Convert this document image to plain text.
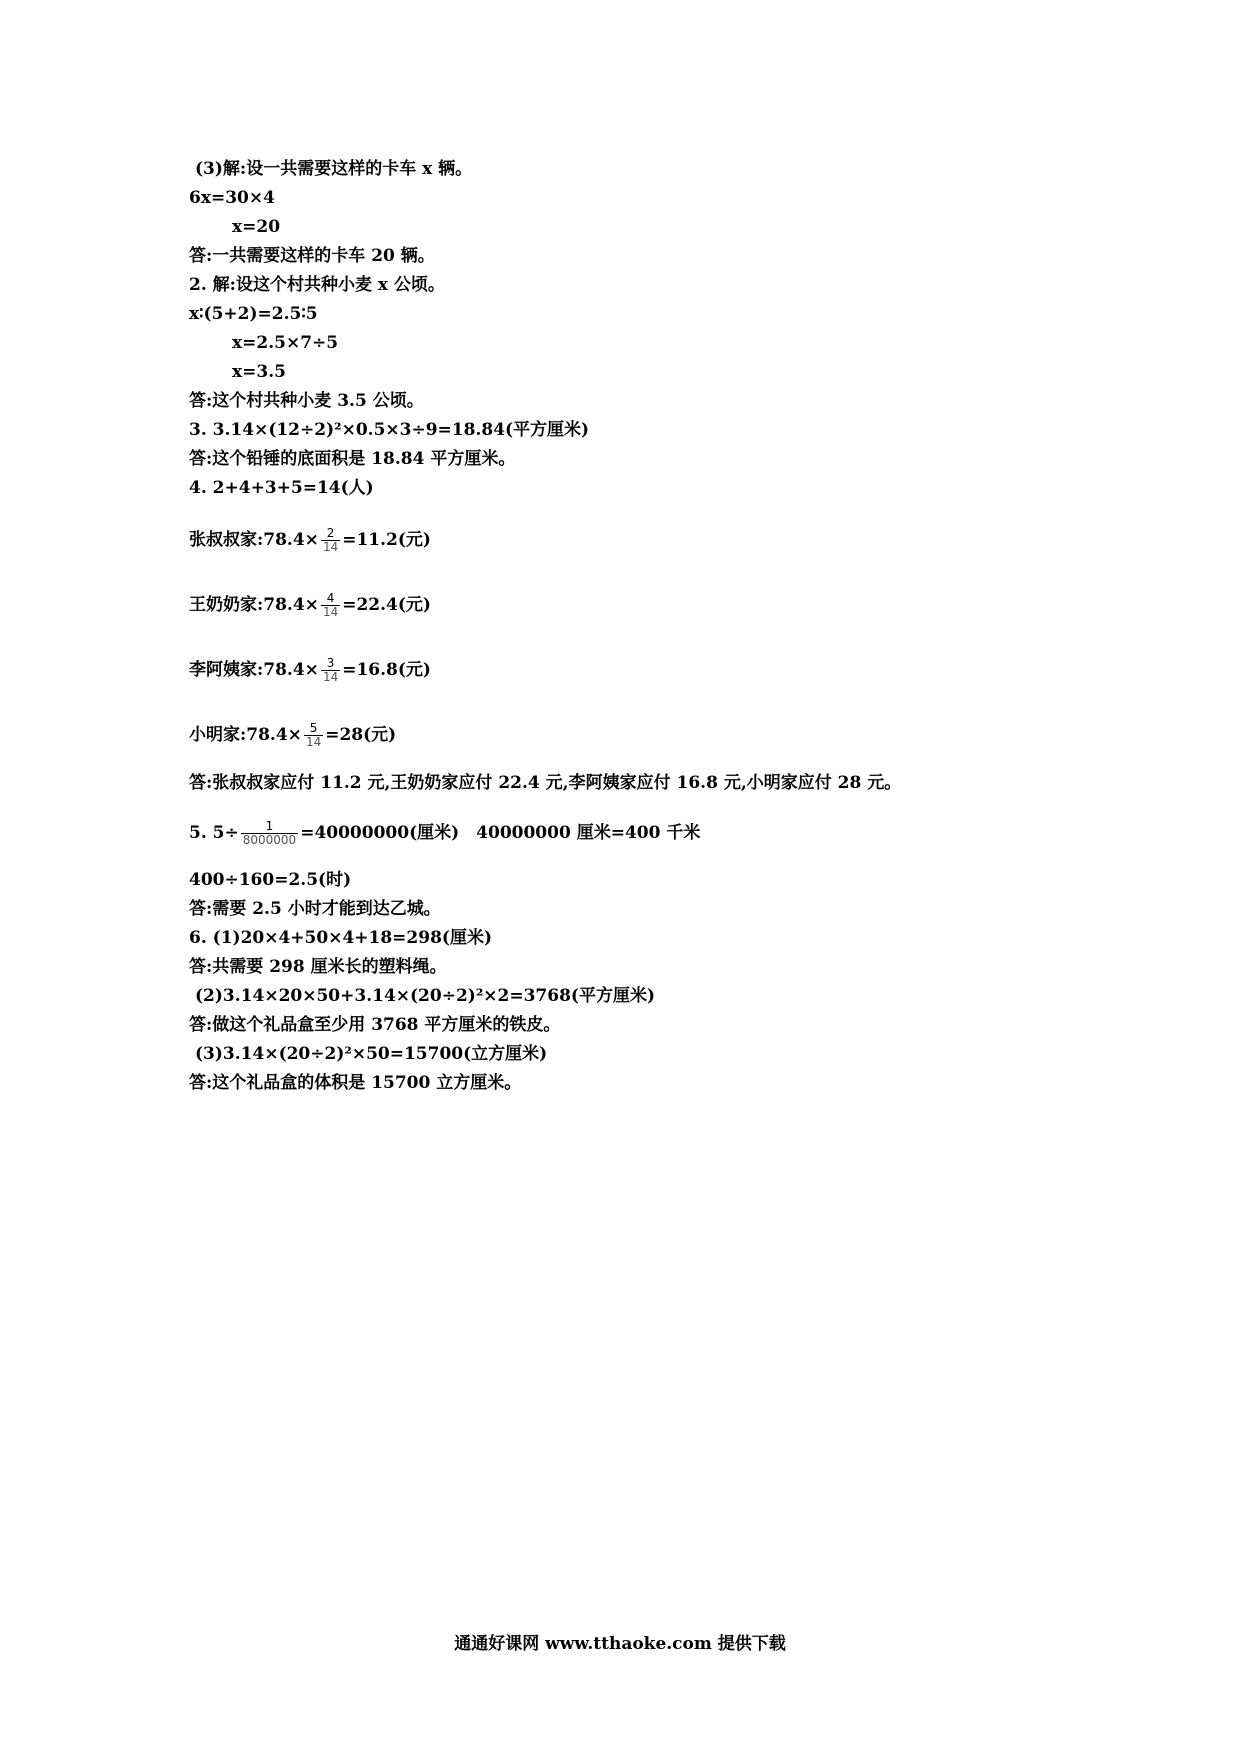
(3)解:设一共需要这样的卡车 x 辆。
6x=30×4
x=20
答:一共需要这样的卡车 20 辆。
2. 解:设这个村共种小麦 x 公顷。
x∶(5+2)=2.5∶5
x=2.5×7÷5
x=3.5
答:这个村共种小麦 3.5 公顷。
3. 3.14×(12÷2)²×0.5×3÷9=18.84(平方厘米)
答:这个铅锤的底面积是 18.84 平方厘米。
4. 2+4+3+5=14(人)
张叔叔家:78.4× $\frac{2}{14} =11.2$(元)
王奶奶家:78.4× $\frac{4}{14} =22.4$(元)
李阿姨家:78.4× $\frac{3}{14} =16.8$(元)
小明家:78.4× $\frac{5}{14} =28$(元)
答:张叔叔家应付 11.2 元,王奶奶家应付 22.4 元,李阿姨家应付 16.8 元,小明家应付 28 元。
5. $5\div \frac{1}{8000000} =40000000$(厘米)　40000000 厘米=400 千米
400÷160=2.5(时)
答:需要 2.5 小时才能到达乙城。
6. (1)20×4+50×4+18=298(厘米)
答:共需要 298 厘米长的塑料绳。
(2)3.14×20×50+3.14×(20÷2)²×2=3768(平方厘米)
答:做这个礼品盒至少用 3768 平方厘米的铁皮。
(3)3.14×(20÷2)²×50=15700(立方厘米)
答:这个礼品盒的体积是 15700 立方厘米。
通通好课网 www.tthaoke.com 提供下载
